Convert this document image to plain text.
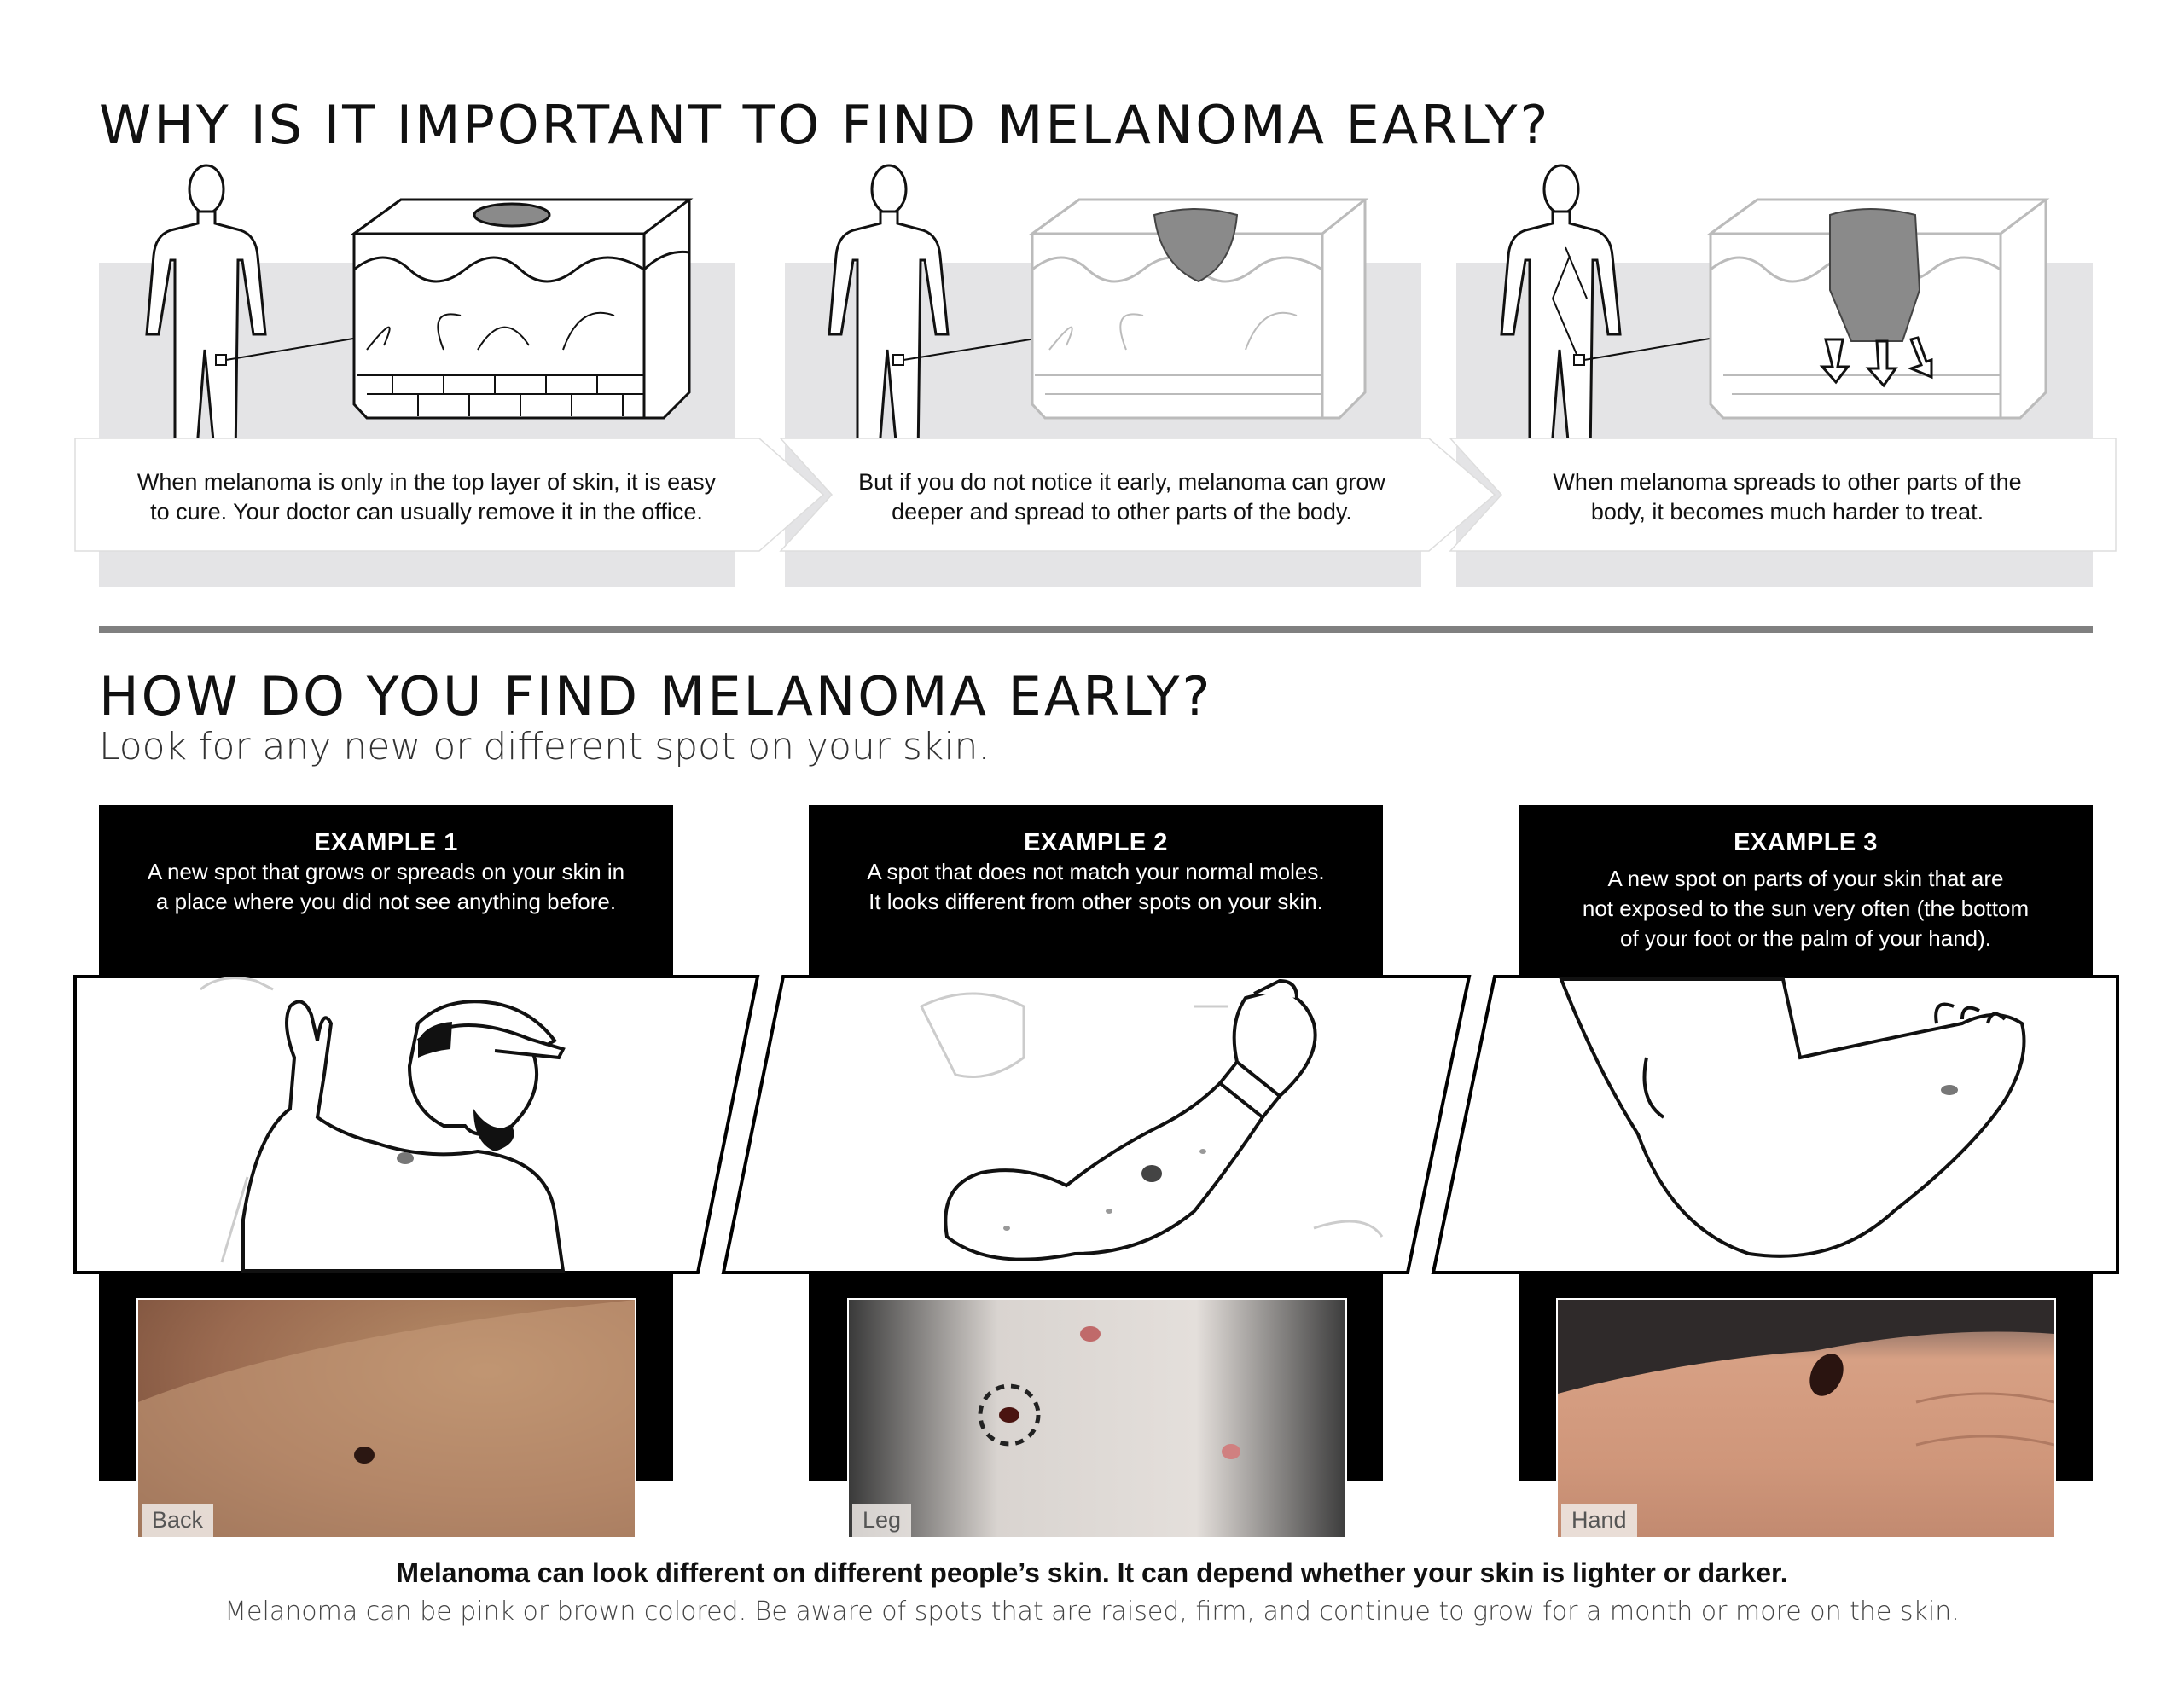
WHY IS IT IMPORTANT TO FIND MELANOMA EARLY?
When melanoma is only in the top layer of skin, it is easy
to cure. Your doctor can usually remove it in the office.
But if you do not notice it early, melanoma can grow
deeper and spread to other parts of the body.
When melanoma spreads to other parts of the
body, it becomes much harder to treat.
HOW DO YOU FIND MELANOMA EARLY?
Look for any new or different spot on your skin.
EXAMPLE 1
A new spot that grows or spreads on your skin in
a place where you did not see anything before.
EXAMPLE 2
A spot that does not match your normal moles.
It looks different from other spots on your skin.
EXAMPLE 3
A new spot on parts of your skin that are
not exposed to the sun very often (the bottom
of your foot or the palm of your hand).
Back	Leg	Hand
Melanoma can look different on different people’s skin. It can depend whether your skin is lighter or darker.
Melanoma can be pink or brown colored. Be aware of spots that are raised, firm, and continue to grow for a month or more on the skin.
